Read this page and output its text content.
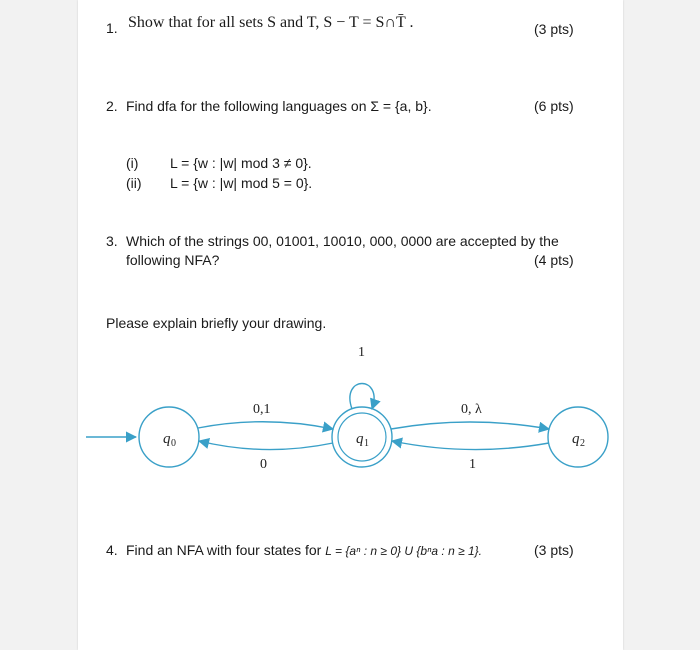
1. Show that for all sets S and T, S − T = S∩T̄ .	(3 pts)
2. Find dfa for the following languages on Σ = {a, b}.	(6 pts)
(i) L = {w : |w| mod 3 ≠ 0}.
(ii) L = {w : |w| mod 5 = 0}.
3. Which of the strings 00, 01001, 10010, 000, 0000 are accepted by the
following NFA?	(4 pts)
Please explain briefly your drawing.
q 0	q 1	q 2
0,1
0
1
0, λ
1
4. Find an NFA with four states for L = {aⁿ : n ≥ 0} U {bⁿa : n ≥ 1}.	(3 pts)
